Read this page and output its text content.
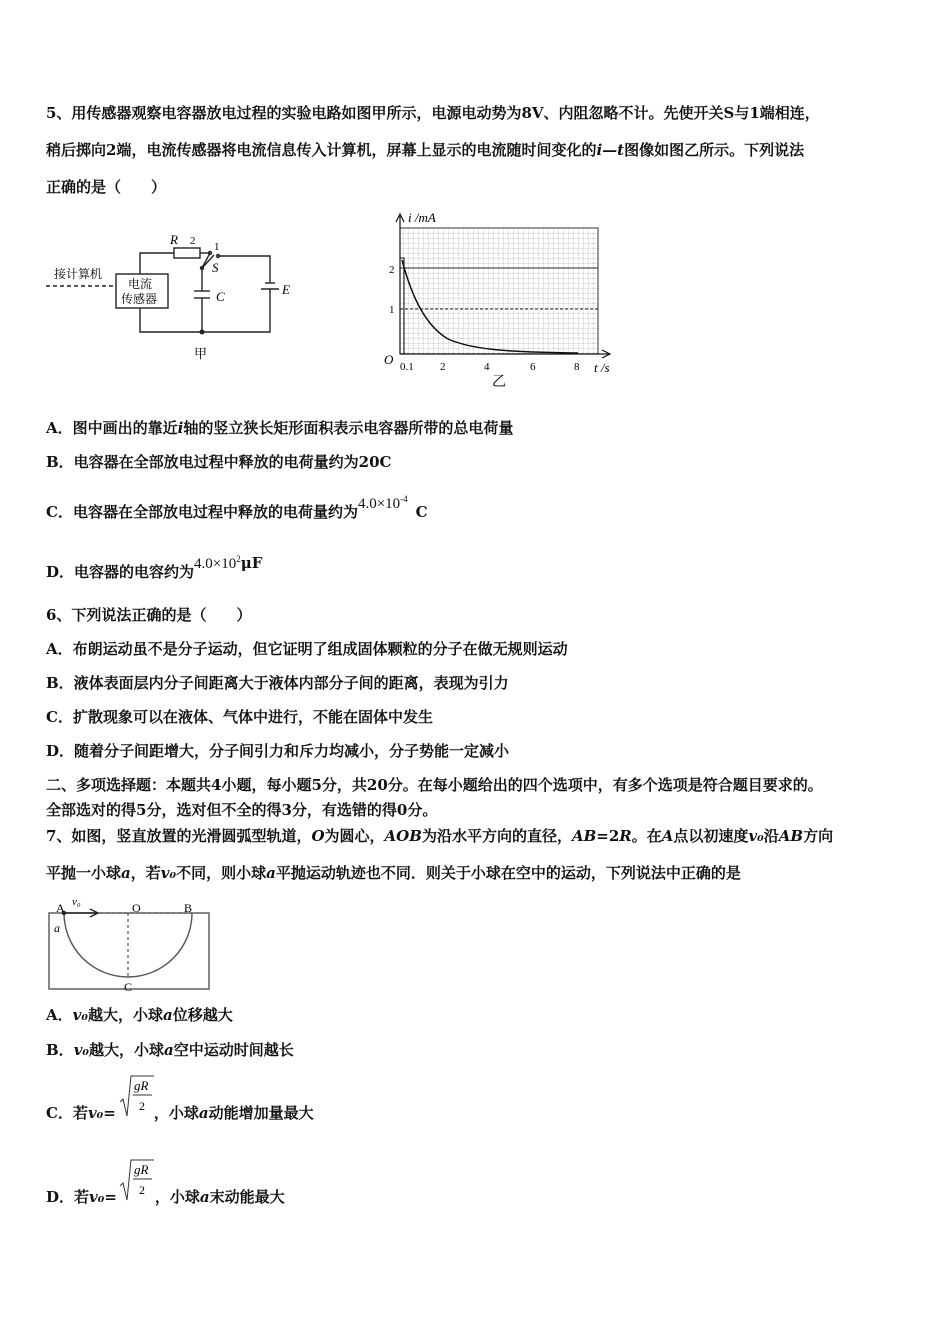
5、用传感器观察电容器放电过程的实验电路如图甲所示，电源电动势为8V、内阻忽略不计。先使开关S与1端相连，
稍后掷向2端，电流传感器将电流信息传入计算机，屏幕上显示的电流随时间变化的i—t图像如图乙所示。下列说法
正确的是（　　）
接计算机
电流
传感器
R 2 1
S
C	E
甲
i /mA
t /s
O 0.1 2	4	6	8
1
2
乙
A．图中画出的靠近i轴的竖立狭长矩形面积表示电容器所带的总电荷量
B．电容器在全部放电过程中释放的电荷量约为20C
C．电容器在全部放电过程中释放的电荷量约为$4.0\times 10^{-4}C$
D．电容器的电容约为$4.0\times 10^2\mu F$
6、下列说法正确的是（　　）
A．布朗运动虽不是分子运动，但它证明了组成固体颗粒的分子在做无规则运动
B．液体表面层内分子间距离大于液体内部分子间的距离，表现为引力
C．扩散现象可以在液体、气体中进行，不能在固体中发生
D．随着分子间距增大，分子间引力和斥力均减小，分子势能一定减小
二、多项选择题：本题共4小题，每小题5分，共20分。在每小题给出的四个选项中，有多个选项是符合题目要求的。
全部选对的得5分，选对但不全的得3分，有选错的得0分。
7、如图，竖直放置的光滑圆弧型轨道，O为圆心，AOB为沿水平方向的直径，AB=2R。在A点以初速度v₀沿AB方向
平抛一小球a，若v₀不同，则小球a平抛运动轨迹也不同．则关于小球在空中的运动，下列说法中正确的是
A v₀	O	B
a
C
A．v₀越大，小球a位移越大
B．v₀越大，小球a空中运动时间越长
C．若v₀=	，小球a动能增加量最大
gR
2
D．若v₀=	，小球a末动能最大
gR
2
